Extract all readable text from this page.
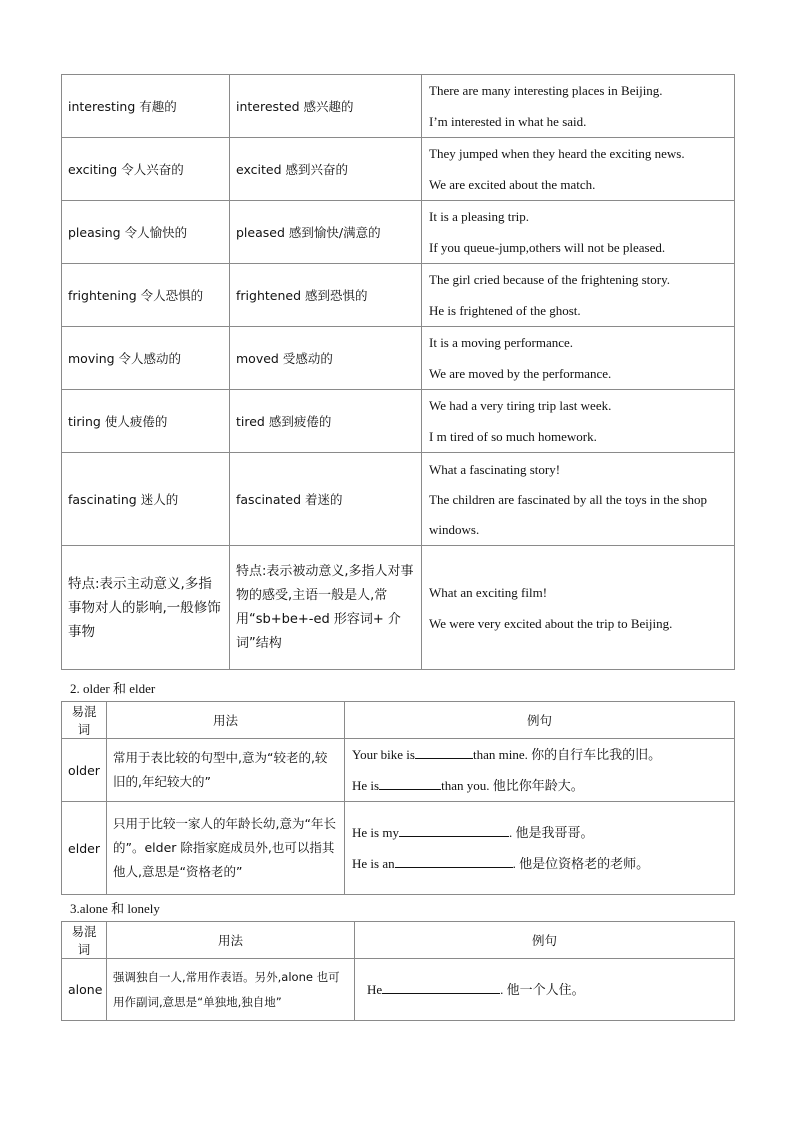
interesting 有趣的	interested 感兴趣的	There are many interesting places in Beijing.
I’m interested in what he said.

exciting 令人兴奋的	excited 感到兴奋的	They jumped when they heard the exciting news.
We are excited about the match.

pleasing 令人愉快的	pleased 感到愉快/满意的	It is a pleasing trip.
If you queue-jump,others will not be pleased.

frightening 令人恐惧的	frightened 感到恐惧的	The girl cried because of the frightening story.
He is frightened of the ghost.

moving 令人感动的	moved 受感动的	It is a moving performance.
We are moved by the performance.

tiring 使人疲倦的	tired 感到疲倦的	We had a very tiring trip last week.
I m tired of so much homework.

fascinating 迷人的	fascinated 着迷的	What a fascinating story!
The children are fascinated by all the toys in the shop windows.

特点:表示主动意义,多指事物对人的影响,一般修饰事物	特点:表示被动意义,多指人对事物的感受,主语一般是人,常用“sb+be+-ed 形容词+ 介词”结构	What an exciting film!
We were very excited about the trip to Beijing.
2. older 和 elder
易混词	用法	例句
older	常用于表比较的句型中,意为“较老的,较旧的,年纪较大的”	Your bike is than mine. 你的自行车比我的旧。
He is than you. 他比你年龄大。

elder	只用于比较一家人的年龄长幼,意为“年长的”。elder 除指家庭成员外,也可以指其他人,意思是“资格老的”	He is my . 他是我哥哥。
He is an . 他是位资格老的老师。
3.alone 和 lonely
易混词	用法	例句
alone	强调独自一人,常用作表语。另外,alone 也可用作副词,意思是“单独地,独自地”	He . 他一个人住。
